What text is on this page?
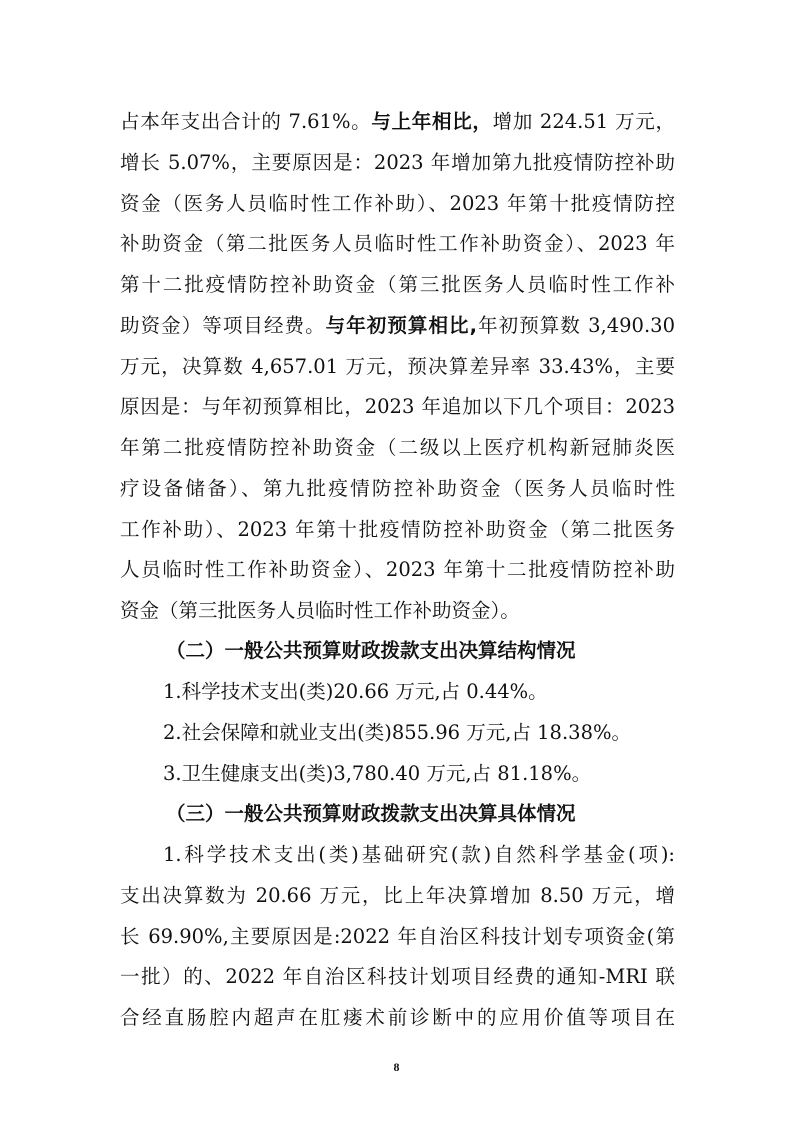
占本年支出合计的 7.61%。与上年相比，增加 224.51 万元，
增长 5.07%，主要原因是：2023 年增加第九批疫情防控补助
资金（医务人员临时性工作补助）、2023 年第十批疫情防控
补助资金（第二批医务人员临时性工作补助资金）、2023 年
第十二批疫情防控补助资金（第三批医务人员临时性工作补
助资金）等项目经费。与年初预算相比,年初预算数 3,490.30
万元，决算数 4,657.01 万元，预决算差异率 33.43%，主要
原因是：与年初预算相比，2023 年追加以下几个项目：2023
年第二批疫情防控补助资金（二级以上医疗机构新冠肺炎医
疗设备储备）、第九批疫情防控补助资金（医务人员临时性
工作补助）、2023 年第十批疫情防控补助资金（第二批医务
人员临时性工作补助资金）、2023 年第十二批疫情防控补助
资金（第三批医务人员临时性工作补助资金）。
（二）一般公共预算财政拨款支出决算结构情况
1.科学技术支出(类)20.66 万元,占 0.44%。
2.社会保障和就业支出(类)855.96 万元,占 18.38%。
3.卫生健康支出(类)3,780.40 万元,占 81.18%。
（三）一般公共预算财政拨款支出决算具体情况
1.科学技术支出(类)基础研究(款)自然科学基金(项):
支出决算数为 20.66 万元，比上年决算增加 8.50 万元，增
长 69.90%,主要原因是:2022 年自治区科技计划专项资金(第
一批）的、2022 年自治区科技计划项目经费的通知-MRI 联
合经直肠腔内超声在肛瘘术前诊断中的应用价值等项目在
8
